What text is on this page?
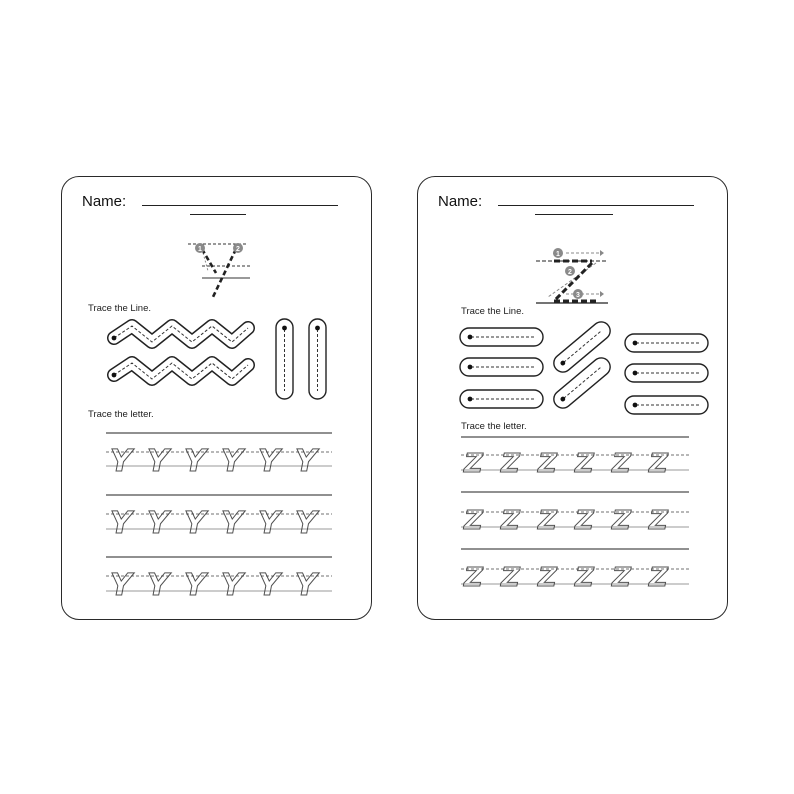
Name:
Trace the Line.
Trace the letter.
1	2
Y Y Y Y Y Y
Y Y Y Y Y Y
Y Y Y Y Y Y
Name:
Trace the Line.
Trace the letter.
1
2
3
Z Z Z Z Z Z
Z Z Z Z Z Z
Z Z Z Z Z Z
